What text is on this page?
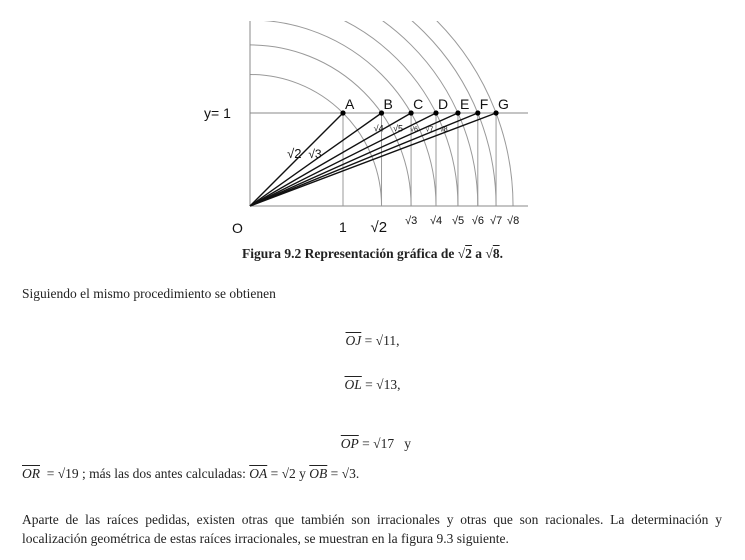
A
√2
B
√3
C
√4
D
√5
E
√6
F
√7
G
√8
1 √2 √3 √4 √5 √6 √7 √8
y= 1
O
Figura 9.2 Representación gráfica de √2 a √8.
Siguiendo el mismo procedimiento se obtienen
$\overline{OJ} = √11$,
$\overline{OL} = √13$,

$\overline{OP} = √17$   y

$\overline{OR} = √19$ ; más las dos antes calculadas: $\overline{OA} = √2$ y $\overline{OB} = √3$.
Aparte de las raíces pedidas, existen otras que también son irracionales y otras que son racionales. La determinación y localización geométrica de estas raíces irracionales, se muestran en la figura 9.3 siguiente.
